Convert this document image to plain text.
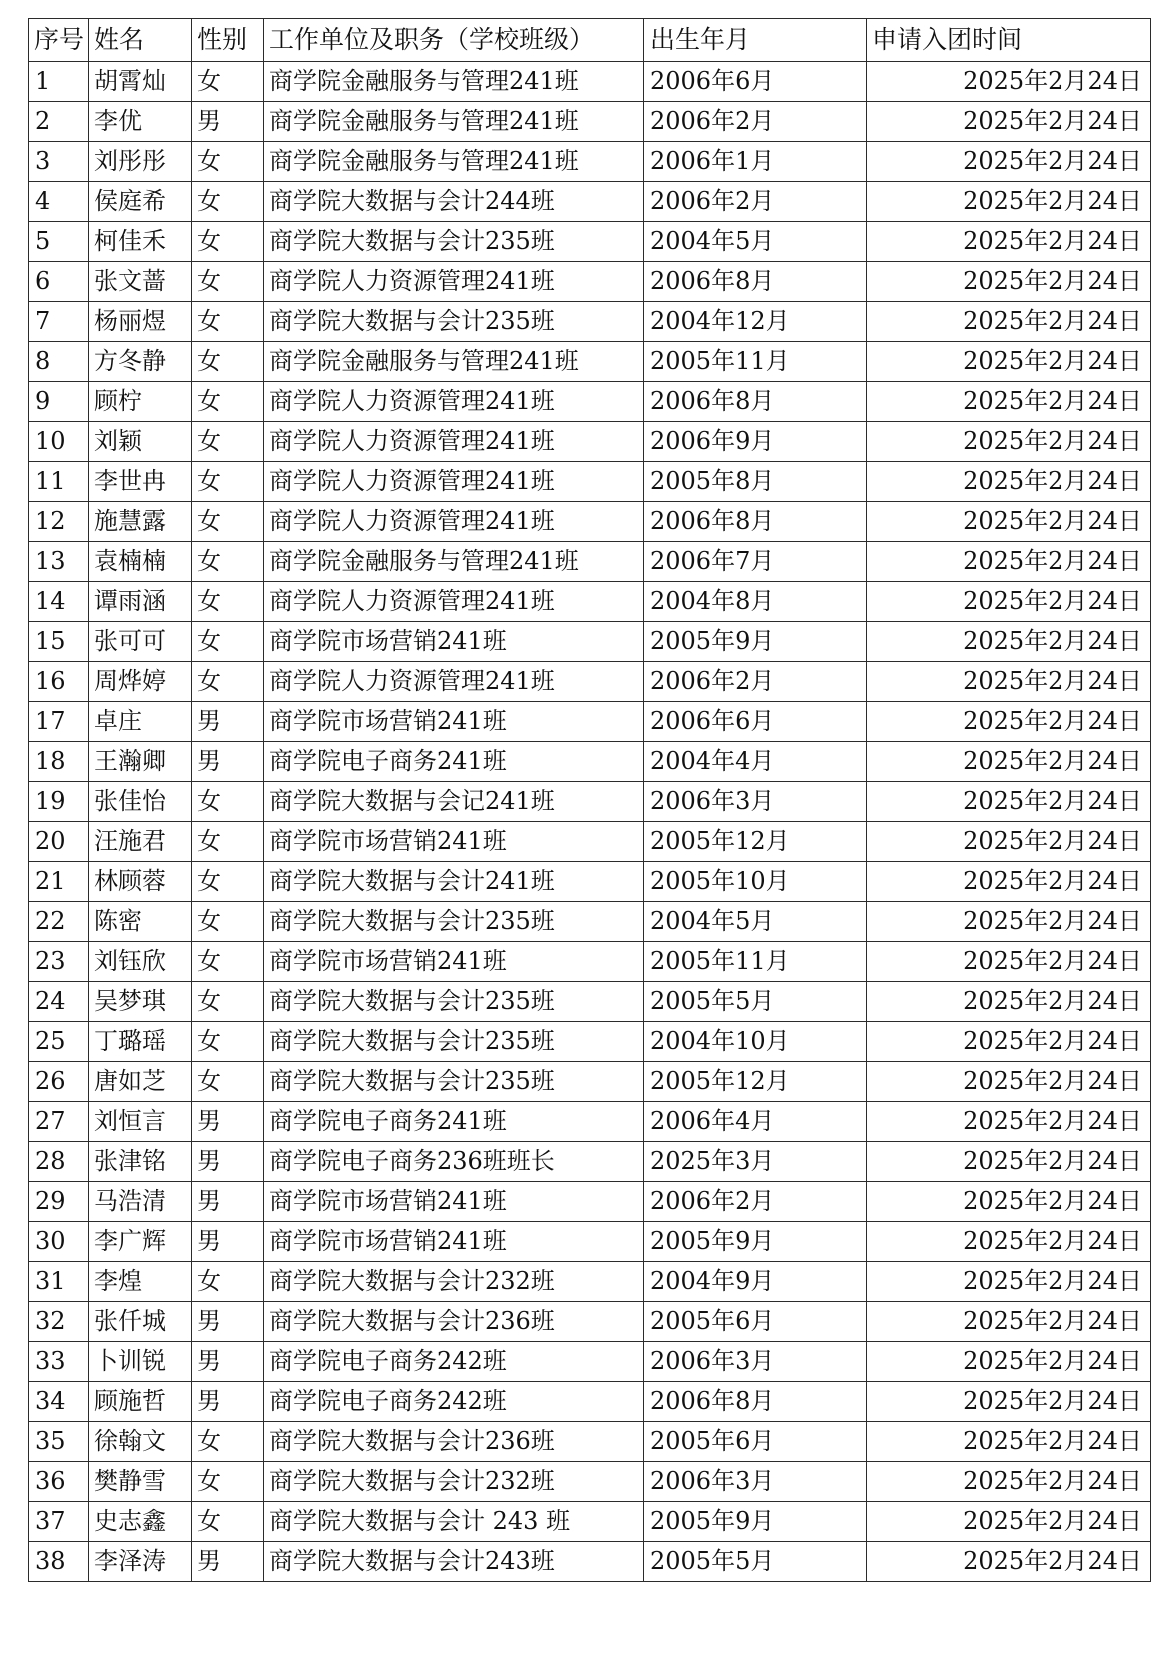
序号	姓名	性别	工作单位及职务（学校班级）	出生年月	申请入团时间
1	胡霄灿	女	商学院金融服务与管理241班	2006年6月	2025年2月24日
2	李优	男	商学院金融服务与管理241班	2006年2月	2025年2月24日
3	刘彤彤	女	商学院金融服务与管理241班	2006年1月	2025年2月24日
4	侯庭希	女	商学院大数据与会计244班	2006年2月	2025年2月24日
5	柯佳禾	女	商学院大数据与会计235班	2004年5月	2025年2月24日
6	张文蔷	女	商学院人力资源管理241班	2006年8月	2025年2月24日
7	杨丽煜	女	商学院大数据与会计235班	2004年12月	2025年2月24日
8	方冬静	女	商学院金融服务与管理241班	2005年11月	2025年2月24日
9	顾柠	女	商学院人力资源管理241班	2006年8月	2025年2月24日
10	刘颖	女	商学院人力资源管理241班	2006年9月	2025年2月24日
11	李世冉	女	商学院人力资源管理241班	2005年8月	2025年2月24日
12	施慧露	女	商学院人力资源管理241班	2006年8月	2025年2月24日
13	袁楠楠	女	商学院金融服务与管理241班	2006年7月	2025年2月24日
14	谭雨涵	女	商学院人力资源管理241班	2004年8月	2025年2月24日
15	张可可	女	商学院市场营销241班	2005年9月	2025年2月24日
16	周烨婷	女	商学院人力资源管理241班	2006年2月	2025年2月24日
17	卓庄	男	商学院市场营销241班	2006年6月	2025年2月24日
18	王瀚卿	男	商学院电子商务241班	2004年4月	2025年2月24日
19	张佳怡	女	商学院大数据与会记241班	2006年3月	2025年2月24日
20	汪施君	女	商学院市场营销241班	2005年12月	2025年2月24日
21	林顾蓉	女	商学院大数据与会计241班	2005年10月	2025年2月24日
22	陈密	女	商学院大数据与会计235班	2004年5月	2025年2月24日
23	刘钰欣	女	商学院市场营销241班	2005年11月	2025年2月24日
24	吴梦琪	女	商学院大数据与会计235班	2005年5月	2025年2月24日
25	丁璐瑶	女	商学院大数据与会计235班	2004年10月	2025年2月24日
26	唐如芝	女	商学院大数据与会计235班	2005年12月	2025年2月24日
27	刘恒言	男	商学院电子商务241班	2006年4月	2025年2月24日
28	张津铭	男	商学院电子商务236班班长	2025年3月	2025年2月24日
29	马浩清	男	商学院市场营销241班	2006年2月	2025年2月24日
30	李广辉	男	商学院市场营销241班	2005年9月	2025年2月24日
31	李煌	女	商学院大数据与会计232班	2004年9月	2025年2月24日
32	张仟城	男	商学院大数据与会计236班	2005年6月	2025年2月24日
33	卜训锐	男	商学院电子商务242班	2006年3月	2025年2月24日
34	顾施哲	男	商学院电子商务242班	2006年8月	2025年2月24日
35	徐翰文	女	商学院大数据与会计236班	2005年6月	2025年2月24日
36	樊静雪	女	商学院大数据与会计232班	2006年3月	2025年2月24日
37	史志鑫	女	商学院大数据与会计 243 班	2005年9月	2025年2月24日
38	李泽涛	男	商学院大数据与会计243班	2005年5月	2025年2月24日
